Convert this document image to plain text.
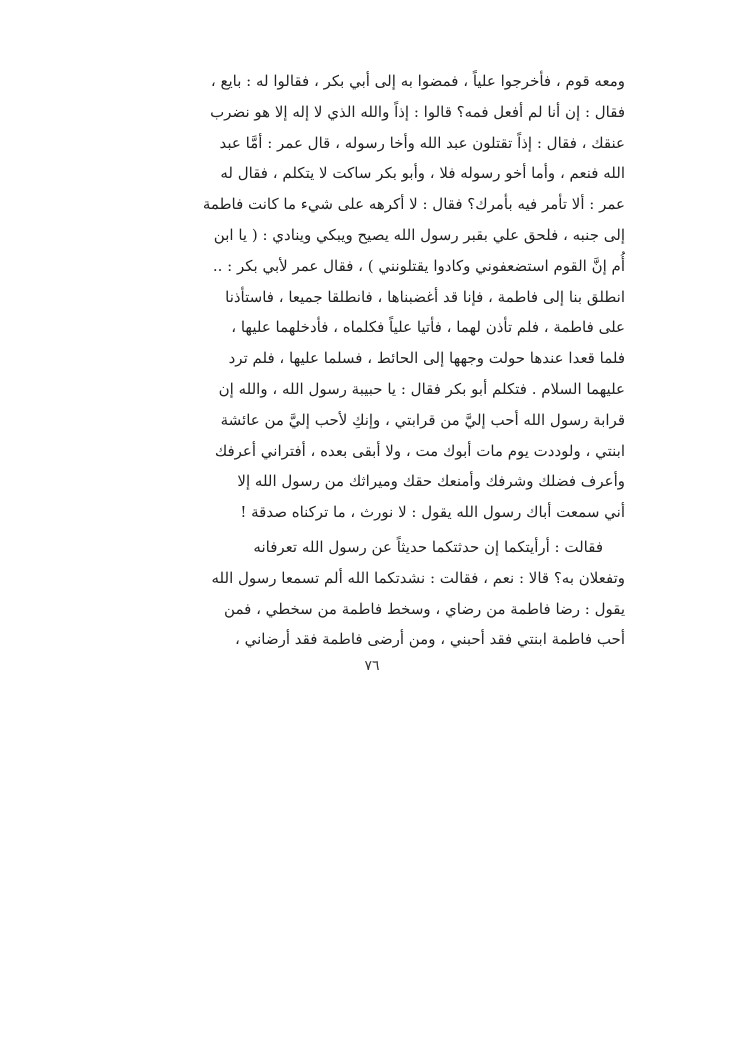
ومعه قوم ، فأخرجوا علياً ، فمضوا به إلى أبي بكر ، فقالوا له : بايع ،

فقال : إن أنا لم أفعل فمه؟ قالوا : إذاً والله الذي لا إله إلا هو نضرب

عنقك ، فقال : إذاً تقتلون عبد الله وأخا رسوله ، قال عمر : أمَّا عبد

الله فنعم ، وأما أخو رسوله فلا ، وأبو بكر ساكت لا يتكلم ، فقال له

عمر : ألا تأمر فيه بأمرك؟ فقال : لا أكرهه على شيء ما كانت فاطمة

إلى جنبه ، فلحق علي بقبر رسول الله يصيح ويبكي وينادي : ( يا ابن

أُم إنَّ القوم استضعفوني وكادوا يقتلونني ) ، فقال عمر لأبي بكر : ..

انطلق بنا إلى فاطمة ، فإنا قد أغضبناها ، فانطلقا جميعا ، فاستأذنا

على فاطمة ، فلم تأذن لهما ، فأتيا علياً فكلماه ، فأدخلهما عليها ،

فلما قعدا عندها حولت وجهها إلى الحائط ، فسلما عليها ، فلم ترد

عليهما السلام . فتكلم أبو بكر فقال : يا حبيبة رسول الله ، والله إن

قرابة رسول الله أحب إليَّ من قرابتي ، وإنكِ لأحب إليَّ من عائشة

ابنتي ، ولوددت يوم مات أبوك مت ، ولا أبقى بعده ، أفتراني أعرفك

وأعرف فضلك وشرفك وأمنعك حقك وميراثك من رسول الله إلا

أني سمعت أباك رسول الله يقول : لا نورث ، ما تركناه صدقة !

فقالت : أرأيتكما إن حدثتكما حديثاً عن رسول الله تعرفانه

وتفعلان به؟ قالا : نعم ، فقالت : نشدتكما الله ألم تسمعا رسول الله

يقول : رضا فاطمة من رضاي ، وسخط فاطمة من سخطي ، فمن

أحب فاطمة ابنتي فقد أحبني ، ومن أرضى فاطمة فقد أرضاني ،

٧٦
